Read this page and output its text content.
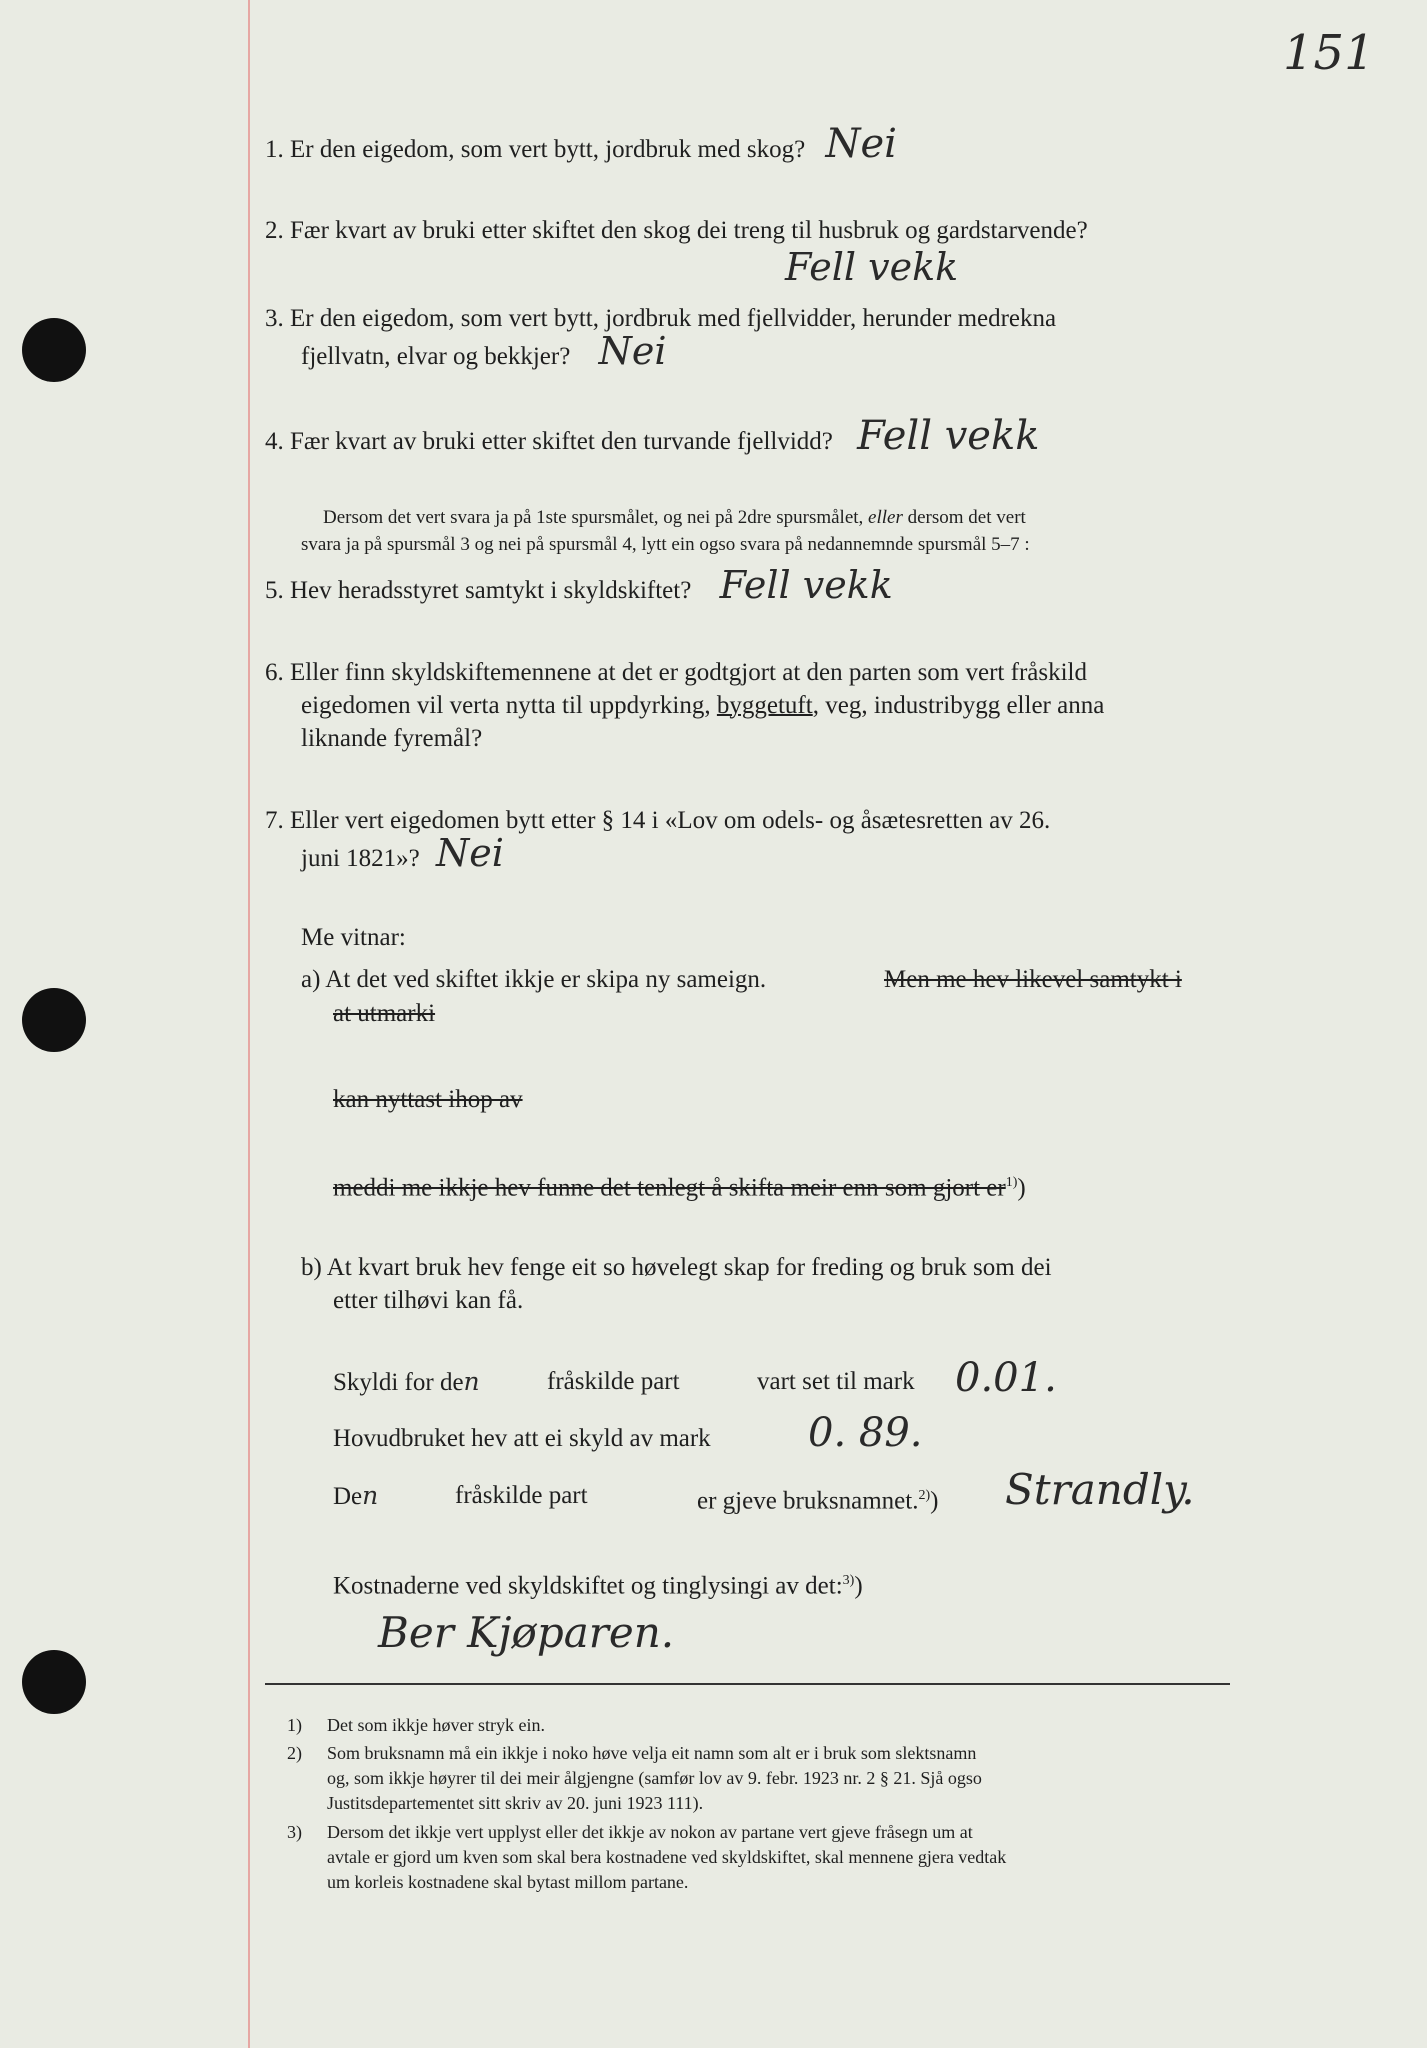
151
1. Er den eigedom, som vert bytt, jordbruk med skog? Nei
2. Fær kvart av bruki etter skiftet den skog dei treng til husbruk og gardstarvende?
Fell vekk
3. Er den eigedom, som vert bytt, jordbruk med fjellvidder, herunder medrekna
fjellvatn, elvar og bekkjer? Nei
4. Fær kvart av bruki etter skiftet den turvande fjellvidd? Fell vekk
Dersom det vert svara ja på 1ste spursmålet, og nei på 2dre spursmålet, eller dersom det vert
svara ja på spursmål 3 og nei på spursmål 4, lytt ein ogso svara på nedannemnde spursmål 5–7 :
5. Hev heradsstyret samtykt i skyldskiftet? Fell vekk
6. Eller finn skyldskiftemennene at det er godtgjort at den parten som vert fråskild
eigedomen vil verta nytta til uppdyrking, byggetuft, veg, industribygg eller anna
liknande fyremål?
7. Eller vert eigedomen bytt etter § 14 i «Lov om odels- og åsætesretten av 26.
juni 1821»? Nei
Me vitnar:
a) At det ved skiftet ikkje er skipa ny sameign.	Men me hev likevel samtykt i
at utmarki
kan nyttast ihop av
meddi me ikkje hev funne det tenlegt å skifta meir enn som gjort $er^{1)}$)
b) At kvart bruk hev fenge eit so høvelegt skap for freding og bruk som dei
etter tilhøvi kan få.
Skyldi for den	fråskilde part	vart set til mark 0.01.
Hovudbruket hev att ei skyld av mark 0. 89.
Den	fråskilde part	er gjeve bruksnamnet.$^{2)}$) Strandly.
Kostnaderne ved skyldskiftet og tinglysingi av det:$^{3)}$)
Ber Kjøparen.
1) Det som ikkje høver stryk ein.
2) Som bruksnamn må ein ikkje i noko høve velja eit namn som alt er i bruk som slektsnamn
og, som ikkje høyrer til dei meir ålgjengne (samfør lov av 9. febr. 1923 nr. 2 § 21. Sjå ogso
Justitsdepartementet sitt skriv av 20. juni 1923 111).
3) Dersom det ikkje vert upplyst eller det ikkje av nokon av partane vert gjeve fråsegn um at
avtale er gjord um kven som skal bera kostnadene ved skyldskiftet, skal mennene gjera vedtak
um korleis kostnadene skal bytast millom partane.
